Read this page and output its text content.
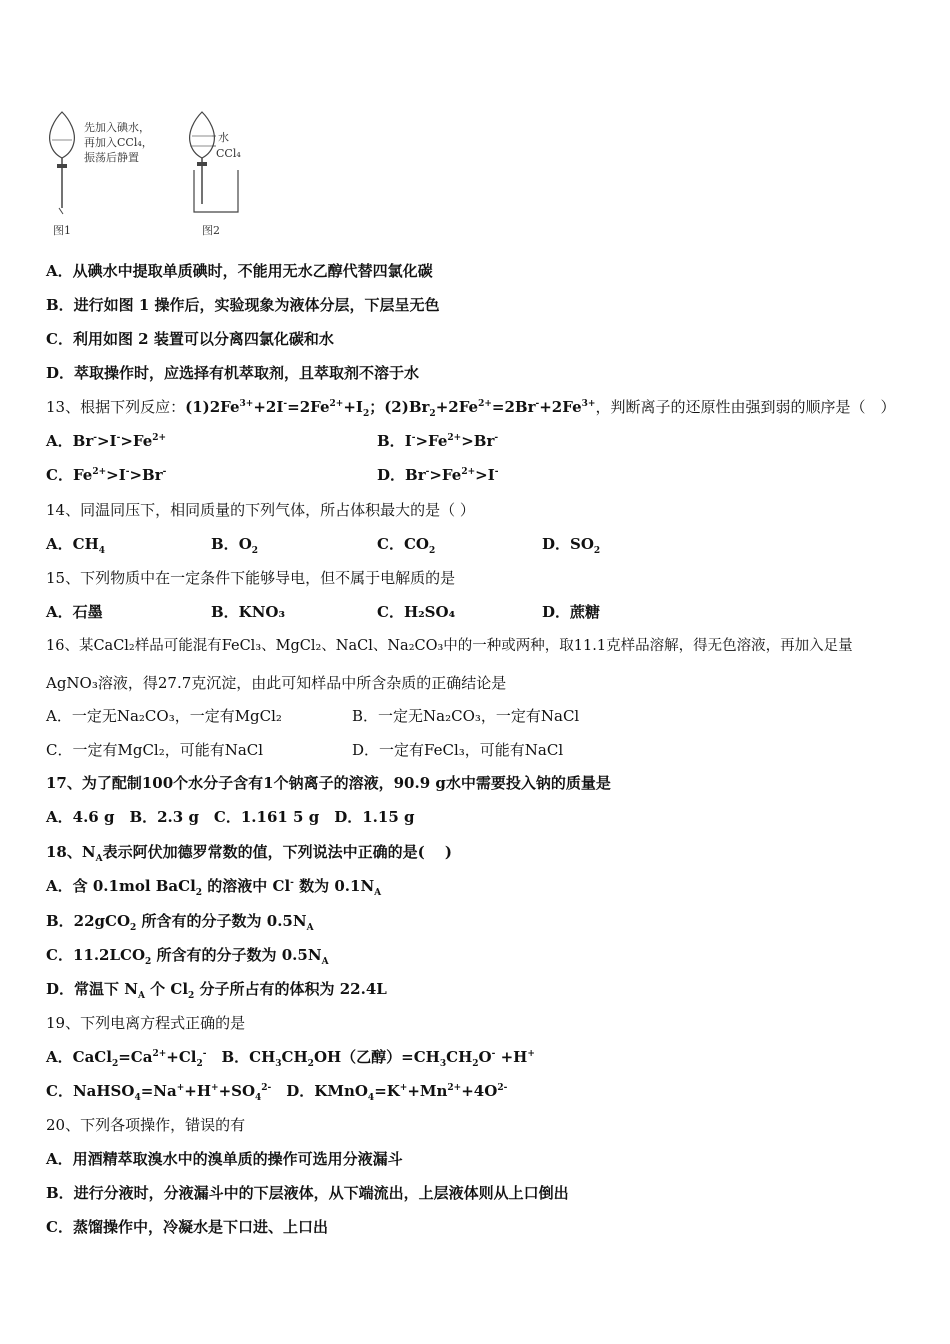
先加入碘水，
再加入CCl₄，
振荡后静置
图1
水
CCl₄
图2
A．从碘水中提取单质碘时，不能用无水乙醇代替四氯化碳
B．进行如图 1 操作后，实验现象为液体分层，下层呈无色
C．利用如图 2 装置可以分离四氯化碳和水
D．萃取操作时，应选择有机萃取剂，且萃取剂不溶于水
13、根据下列反应：$(1)2Fe^{3+}+2I^-=2Fe^{2+}+I_2$；$(2)Br_2+2Fe^{2+}=2Br^-+2Fe^{3+}$，判断离子的还原性由强到弱的顺序是（　）
A．$Br^->I^->Fe^{2+}$	B．$I^->Fe^{2+}>Br^-$
C．$Fe^{2+}>I^->Br^-$	D．$Br^->Fe^{2+}>I^-$
14、同温同压下，相同质量的下列气体，所占体积最大的是（ ）
A．$CH_4$	B．$O_2$	C．$CO_2$	D．$SO_2$
15、下列物质中在一定条件下能够导电，但不属于电解质的是
A．石墨	B．KNO₃	C．H₂SO₄	D．蔗糖
16、某CaCl₂样品可能混有FeCl₃、MgCl₂、NaCl、Na₂CO₃中的一种或两种，取11.1克样品溶解，得无色溶液，再加入足量
AgNO₃溶液，得27.7克沉淀，由此可知样品中所含杂质的正确结论是
A．一定无Na₂CO₃，一定有MgCl₂	B．一定无Na₂CO₃，一定有NaCl
C．一定有MgCl₂，可能有NaCl	D．一定有FeCl₃，可能有NaCl
17、为了配制100个水分子含有1个钠离子的溶液，90.9 g水中需要投入钠的质量是
A．4.6 g　B．2.3 g　C．1.161 5 g　D．1.15 g
18、$N_A$表示阿伏加德罗常数的值，下列说法中正确的是(　 )
A．含 0.1mol BaCl$_2$ 的溶液中 Cl- 数为 $0.1N_A$
B．22gCO$_2$ 所含有的分子数为 $0.5N_A$
C．$11.2LCO_2$ 所含有的分子数为 $0.5N_A$
D．常温下 $N_A$ 个 $Cl_2$ 分子所占有的体积为 22.4L
19、下列电离方程式正确的是
A．$CaCl_2=Ca^{2+}+Cl_2^-$　B．$CH_3CH_2OH$（乙醇）$=CH_3CH_2O^- +H^+$
C．$NaHSO_4=Na^++H^++SO_4^{2-}$　D．$KMnO_4=K^++Mn^{2+}+4O^{2-}$
20、下列各项操作，错误的有
A．用酒精萃取溴水中的溴单质的操作可选用分液漏斗
B．进行分液时，分液漏斗中的下层液体，从下端流出，上层液体则从上口倒出
C．蒸馏操作中，冷凝水是下口进、上口出
